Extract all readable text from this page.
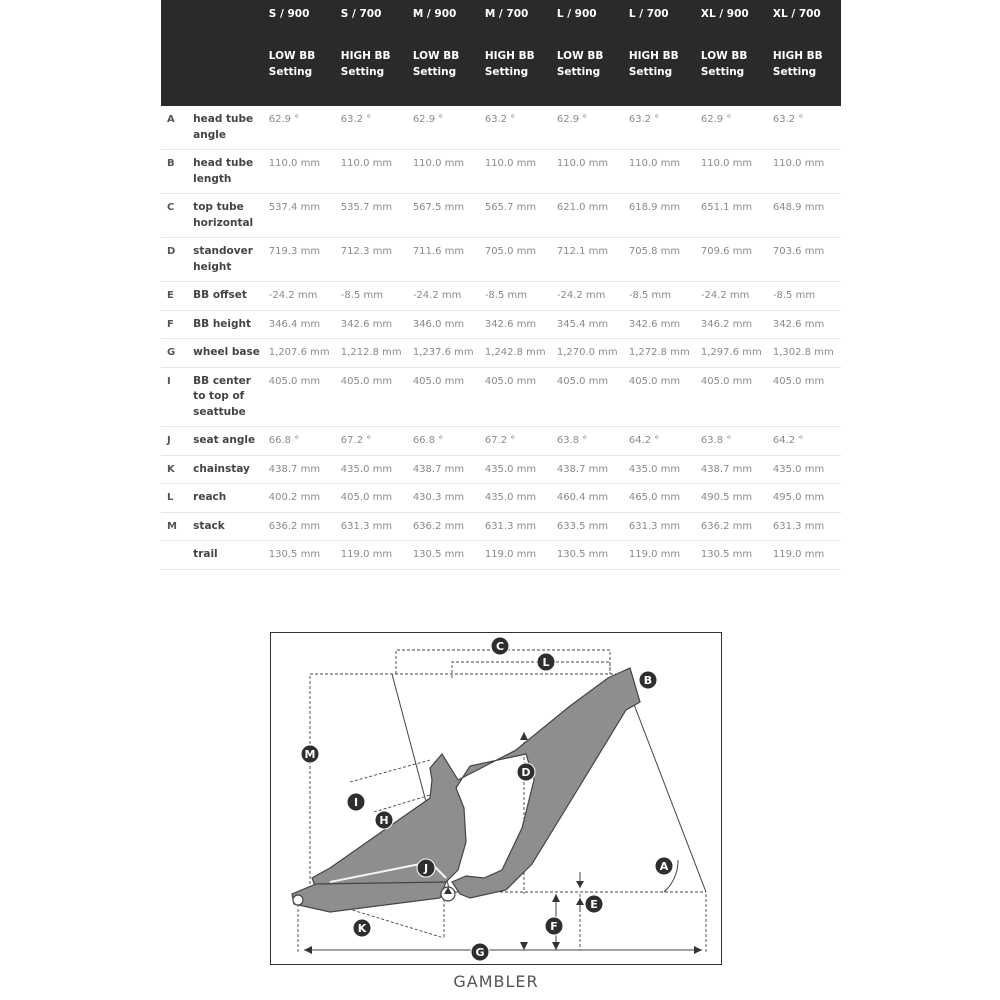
		S / 900	S / 700	M / 900	M / 700	L / 900	L / 700	XL / 900	XL / 700

		LOW BB Setting	HIGH BB Setting	LOW BB Setting	HIGH BB Setting	LOW BB Setting	HIGH BB Setting	LOW BB Setting	HIGH BB Setting

A	head tube angle	62.9 °	63.2 °	62.9 °	63.2 °	62.9 °	63.2 °	62.9 °	63.2 °
B	head tube length	110.0 mm	110.0 mm	110.0 mm	110.0 mm	110.0 mm	110.0 mm	110.0 mm	110.0 mm
C	top tube horizontal	537.4 mm	535.7 mm	567.5 mm	565.7 mm	621.0 mm	618.9 mm	651.1 mm	648.9 mm
D	standover height	719.3 mm	712.3 mm	711.6 mm	705.0 mm	712.1 mm	705.8 mm	709.6 mm	703.6 mm
E	BB offset	-24.2 mm	-8.5 mm	-24.2 mm	-8.5 mm	-24.2 mm	-8.5 mm	-24.2 mm	-8.5 mm
F	BB height	346.4 mm	342.6 mm	346.0 mm	342.6 mm	345.4 mm	342.6 mm	346.2 mm	342.6 mm
G	wheel base	1,207.6 mm	1,212.8 mm	1,237.6 mm	1,242.8 mm	1,270.0 mm	1,272.8 mm	1,297.6 mm	1,302.8 mm
I	BB center to top of seattube	405.0 mm	405.0 mm	405.0 mm	405.0 mm	405.0 mm	405.0 mm	405.0 mm	405.0 mm
J	seat angle	66.8 °	67.2 °	66.8 °	67.2 °	63.8 °	64.2 °	63.8 °	64.2 °
K	chainstay	438.7 mm	435.0 mm	438.7 mm	435.0 mm	438.7 mm	435.0 mm	438.7 mm	435.0 mm
L	reach	400.2 mm	405.0 mm	430.3 mm	435.0 mm	460.4 mm	465.0 mm	490.5 mm	495.0 mm
M	stack	636.2 mm	631.3 mm	636.2 mm	631.3 mm	633.5 mm	631.3 mm	636.2 mm	631.3 mm
	trail	130.5 mm	119.0 mm	130.5 mm	119.0 mm	130.5 mm	119.0 mm	130.5 mm	119.0 mm
A
B
C
D
E
F
G
H
I
J
K
L
M
GAMBLER
